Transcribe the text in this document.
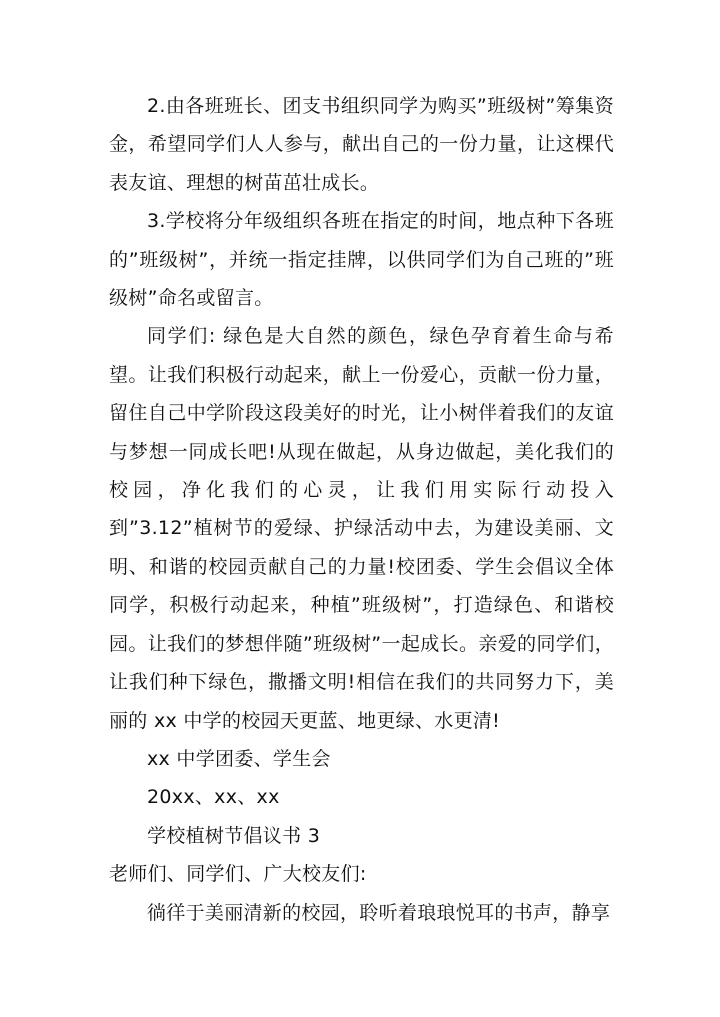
2.由各班班长、团支书组织同学为购买”班级树”筹集资金，希望同学们人人参与，献出自己的一份力量，让这棵代表友谊、理想的树苗茁壮成长。

3.学校将分年级组织各班在指定的时间，地点种下各班的”班级树”，并统一指定挂牌，以供同学们为自己班的”班级树”命名或留言。

同学们: 绿色是大自然的颜色，绿色孕育着生命与希望。让我们积极行动起来，献上一份爱心，贡献一份力量，留住自己中学阶段这段美好的时光，让小树伴着我们的友谊与梦想一同成长吧!从现在做起，从身边做起，美化我们的校园，净化我们的心灵，让我们用实际行动投入到”3.12”植树节的爱绿、护绿活动中去，为建设美丽、文明、和谐的校园贡献自己的力量!校团委、学生会倡议全体同学，积极行动起来，种植”班级树”，打造绿色、和谐校园。让我们的梦想伴随”班级树”一起成长。亲爱的同学们，让我们种下绿色，撒播文明!相信在我们的共同努力下，美丽的 xx 中学的校园天更蓝、地更绿、水更清!

xx 中学团委、学生会

20xx、xx、xx

学校植树节倡议书 3

老师们、同学们、广大校友们:

徜徉于美丽清新的校园，聆听着琅琅悦耳的书声，静享
